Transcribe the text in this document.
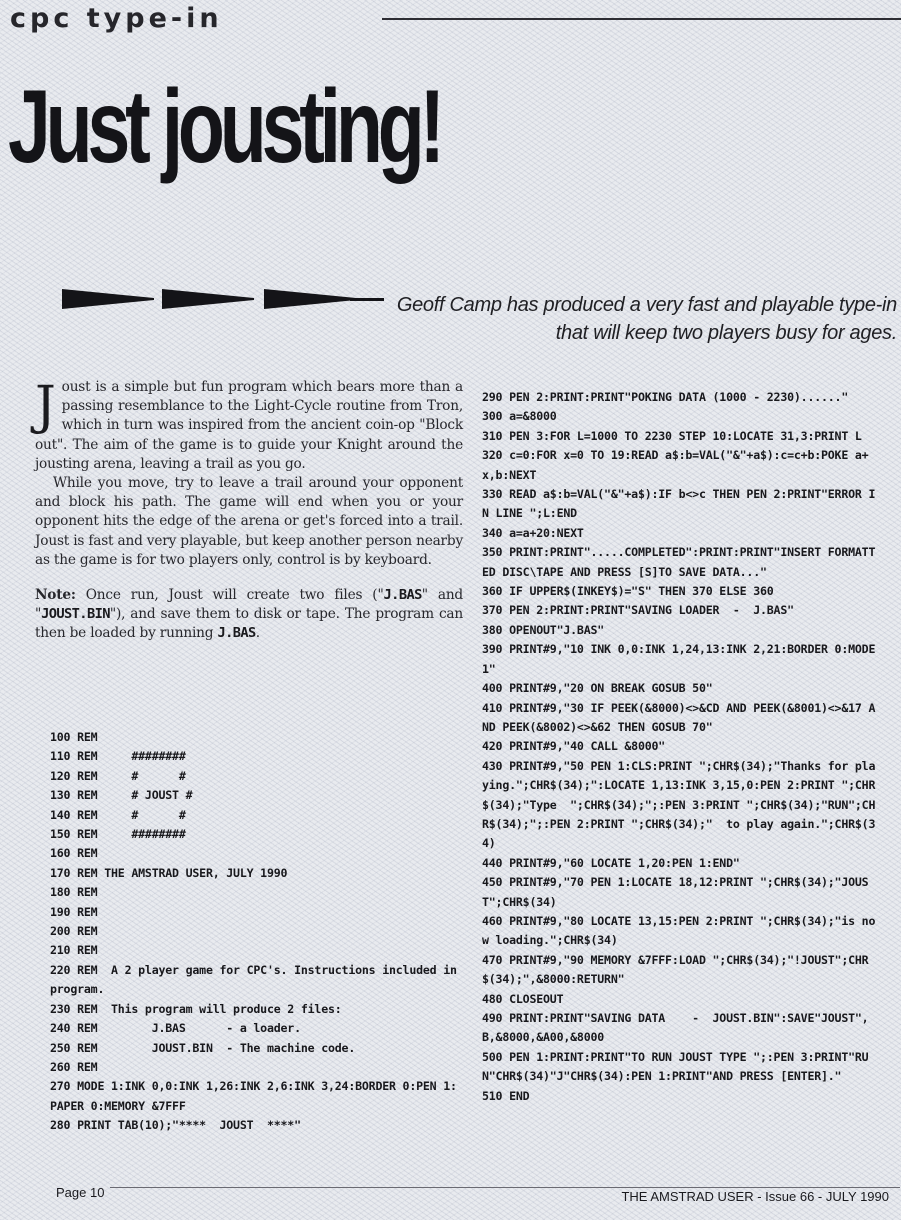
cpc type-in
Just jousting!
Geoff Camp has produced a very fast and playable type-in that will keep two players busy for ages.

Joust is a simple but fun program which bears more than a passing resemblance to the Light-Cycle routine from Tron, which in turn was inspired from the ancient coin-op "Block out". The aim of the game is to guide your Knight around the jousting arena, leaving a trail as you go.

While you move, try to leave a trail around your opponent and block his path. The game will end when you or your opponent hits the edge of the arena or get's forced into a trail. Joust is fast and very playable, but keep another person nearby as the game is for two players only, control is by keyboard.

Note: Once run, Joust will create two files ("J.BAS" and "JOUST.BIN"), and save them to disk or tape. The program can then be loaded by running J.BAS.

100 REM
110 REM     ########
120 REM     #      #
130 REM     # JOUST #
140 REM     #      #
150 REM     ########
160 REM
170 REM THE AMSTRAD USER, JULY 1990
180 REM
190 REM
200 REM
210 REM
220 REM  A 2 player game for CPC's. Instructions included in program.
230 REM  This program will produce 2 files:
240 REM        J.BAS      - a loader.
250 REM        JOUST.BIN  - The machine code.
260 REM
270 MODE 1:INK 0,0:INK 1,26:INK 2,6:INK 3,24:BORDER 0:PEN 1:PAPER 0:MEMORY &7FFF
280 PRINT TAB(10);"****  JOUST  ****"
290 PEN 2:PRINT:PRINT"POKING DATA (1000 - 2230)......"
300 a=&8000
310 PEN 3:FOR L=1000 TO 2230 STEP 10:LOCATE 31,3:PRINT L
320 c=0:FOR x=0 TO 19:READ a$:b=VAL("&"+a$):c=c+b:POKE a+x,b:NEXT
330 READ a$:b=VAL("&"+a$):IF b<>c THEN PEN 2:PRINT"ERROR IN LINE ";L:END
340 a=a+20:NEXT
350 PRINT:PRINT".....COMPLETED":PRINT:PRINT"INSERT FORMATTED DISC\TAPE AND PRESS [S]TO SAVE DATA..."
360 IF UPPER$(INKEY$)="S" THEN 370 ELSE 360
370 PEN 2:PRINT:PRINT"SAVING LOADER  -  J.BAS"
380 OPENOUT"J.BAS"
390 PRINT#9,"10 INK 0,0:INK 1,24,13:INK 2,21:BORDER 0:MODE 1"
400 PRINT#9,"20 ON BREAK GOSUB 50"
410 PRINT#9,"30 IF PEEK(&8000)<>&CD AND PEEK(&8001)<>&17 AND PEEK(&8002)<>&62 THEN GOSUB 70"
420 PRINT#9,"40 CALL &8000"
430 PRINT#9,"50 PEN 1:CLS:PRINT ";CHR$(34);"Thanks for playing.";CHR$(34);":LOCATE 1,13:INK 3,15,0:PEN 2:PRINT ";CHR$(34);"Type  ";CHR$(34);";:PEN 3:PRINT ";CHR$(34);"RUN";CHR$(34);";:PEN 2:PRINT ";CHR$(34);"  to play again.";CHR$(34)
440 PRINT#9,"60 LOCATE 1,20:PEN 1:END"
450 PRINT#9,"70 PEN 1:LOCATE 18,12:PRINT ";CHR$(34);"JOUST";CHR$(34)
460 PRINT#9,"80 LOCATE 13,15:PEN 2:PRINT ";CHR$(34);"is now loading.";CHR$(34)
470 PRINT#9,"90 MEMORY &7FFF:LOAD ";CHR$(34);"!JOUST";CHR$(34);",&8000:RETURN"
480 CLOSEOUT
490 PRINT:PRINT"SAVING DATA    -  JOUST.BIN":SAVE"JOUST",B,&8000,&A00,&8000
500 PEN 1:PRINT:PRINT"TO RUN JOUST TYPE ";:PEN 3:PRINT"RUN"CHR$(34)"J"CHR$(34):PEN 1:PRINT"AND PRESS [ENTER]."
510 END
Page 10	THE AMSTRAD USER - Issue 66 - JULY 1990
